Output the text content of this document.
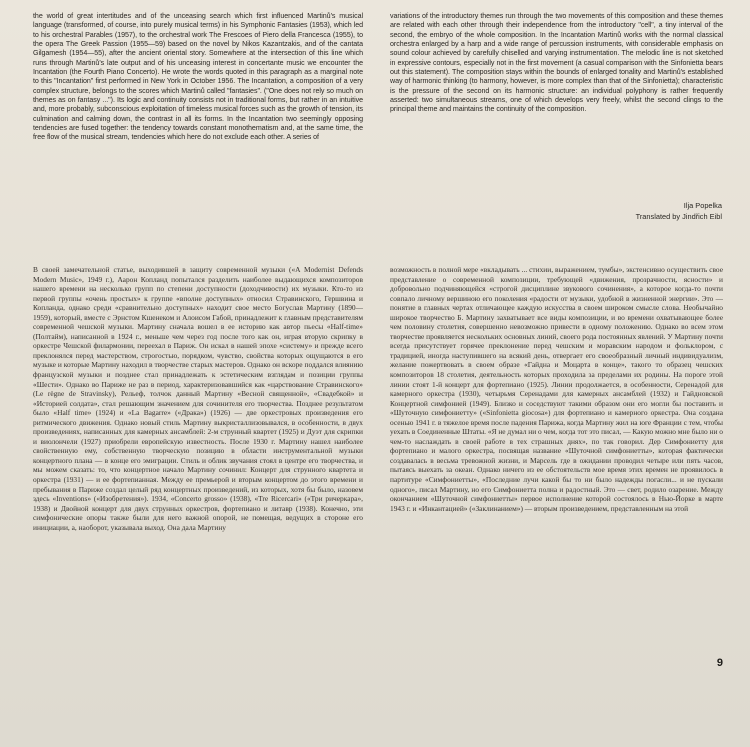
the world of great intertitudes and of the unceasing search which first influenced Martinů's musical language (transformed, of course, into purely musical terms) in his Symphonic Fantasies (1953), which led to his orchestral Parables (1957), to the orchestral work The Frescoes of Piero della Francesca (1955), to the opera The Greek Passion (1955—59) based on the novel by Nikos Kazantzakis, and of the cantata Gilgamesh (1954—55), after the ancient oriental story. Somewhere at the intersection of this line which runs through Martinů's late output and of his unceasing interest in concertante music we encounter the Incantation (the Fourth Piano Concerto). He wrote the words quoted in this paragraph as a marginal note to this "Incantation" first performed in New York in October 1956. The Incantation, a composition of a very complex structure, belongs to the scores which Martinů called "fantasies". ("One does not rely so much on themes as on fantasy ..."). Its logic and continuity consists not in traditional forms, but rather in an intuitive and, more probably, subconscious exploitation of timeless musical forces such as the growth of tension, its culmination and calming down, the contrast in all its forms. In the Incantation two seemingly opposing tendencies are fused together: the tendency towards constant monothematism and, at the same time, the free flow of the musical stream, tendencies which here do not exclude each other. A series of

variations of the introductory themes run through the two movements of this composition and these themes are related with each other through their independence from the introductory "cell", a tiny interval of the second, the embryo of the whole composition. In the Incantation Martinů works with the normal classical orchestra enlarged by a harp and a wide range of percussion instruments, with considerable emphasis on sound colour achieved by carefully chiselled and varying instrumentation. The melodic line is not sketched in expressive contours, especially not in the first movement (a casual comparison with the Sinfonietta bears out this statement). The composition stays within the bounds of enlarged tonality and Martinů's established way of harmonic thinking (to harmony, however, is more complex than that of the Sinfonietta); characteristic is the pressure of the second on its harmonic structure: an individual polyphony is rather frequently asserted: two simultaneous streams, one of which develops very freely, whilst the second clings to the principal theme and maintains the continuity of the composition.

Ilja Popelka
Translated by Jindřich Eibl

В своей замечательной статье, выходившей в защиту современной музыки («A Modernist Defends Modern Music», 1949 г.), Аарон Копланд попытался разделить наиболее выдающихся композиторов нашего времени на несколько групп по степени доступности (доходчивости) их музыки. Кто-то из первой группы «очень простых» к группе «вполне доступных» относил Стравинского, Гершвина и Копланда, однако среди «сравнительно доступных» находит свое место Богуслав Мартину (1890—1959), который, вместе с Эрнстом Кшенеком и Алоисом Габой, принадлежит к главным представителям современной чешской музыки. Мартину сначала вошел в ее историю как автор пьесы «Half-time» (Полтайм), написанной в 1924 г., меньше чем через год после того как он, играя вторую скрипку в оркестре Чешской филармонии, переехал в Париж. Он искал в нашей эпохе «систему» и прежде всего преклонялся перед мастерством, строгостью, порядком, чувство, свойства которых ощущаются в его музыке и которые Мартину находил в творчестве старых мастеров. Однако он вскоре поддался влиянию французской музыки и позднее стал принадлежать к эстетическим взглядам и позиции группы «Шести». Однако во Париже не раз в период, характеризовавшийся как «царствование Стравинского» (Le règne de Stravinsky), Рельеф, толчок данный Мартину «Весной священной», «Свадебкой» и «Историей солдата», стал решающим значением для сочинителя его творчества. Позднее результатом было «Half time» (1924) и «La Bagarre» («Драка») (1926) — две оркестровых произведения его ритмического движения. Однако новый стиль Мартину выкристаллизовывался, в особенности, в двух произведениях, написанных для камерных ансамблей: 2-м струнный квартет (1925) и Дуэт для скрипки и виолончели (1927) приобрели европейскую известность. После 1930 г. Мартину нашел наиболее свойственную ему, собственную творческую позицию в области инструментальной музыки концертного плана — в конце его эмиграции. Стиль и облик звучания стоял в центре его творчества, и мы можем сказать: то, что концертное начало Мартину сочинил: Концерт для струнного квартета и оркестра (1931) — и ее фортепианная. Между ее премьерой и вторым концертом до этого времени и пребывания в Париже создал целый ряд концертных произведений, из которых, хотя бы было, назовем здесь «Inventions» («Изобретения»). 1934, «Concerto grosso» (1938), «Tre Ricercari» («Три ричеркара», 1938) и Двойной концерт для двух струнных оркестров, фортепиано и литавр (1938). Конечно, эти симфонические опоры также были для него важной опорой, не помещая, ведущих в стороне его инициации, а, наоборот, указывала выход. Она дала Мартину

возможность в полной мере «вкладывать ... стихии, выражением, тумбы», экстенсивно осуществить свое представление о современной композиции, требующей «движения, прозрачности, ясности» и добровольно подчиняющейся «строгой дисциплине звукового сочинения», а которое когда-то почти совпало личному вершиною его поколения «радости от музыки, удобной в жизненной энергии». Это — понятие в главных чертах отличающее каждую искусства в своем широком смысле слова. Необычайно широкое творчество Б. Мартину захватывает все виды композиции, и во времени охватывающее более чем половину столетия, совершенно невозможно привести в одному положению. Однако во всем этом творчестве проявляется нескольких основных линий, своего рода постоянных явлений. У Мартину почти всегда присутствует горячее преклонение перед чешским и моравским народом и фольклором, с традицией, иногда наступившего на всякий день, отвергает его своеобразный личный индивидуализм, желание пожертвовать в своем образе «Гайдна и Моцарта в конце», такого то образец чешских композиторов 18 столетия, деятельность которых проходила за пределами их родины. На пороге этой линии стоят 1-й концерт для фортепиано (1925). Линии продолжается, в особенности, Серенадой для камерного оркестра (1930), четырьмя Серенадами для камерных ансамблей (1932) и Гайдновской Концертной симфонией (1949). Близко и соседствуют такими образом они его могли бы поставить и «Шуточную симфониетту» («Sinfonietta giocosa») для фортепиано и камерного оркестра. Она создана осенью 1941 г. в тяжелое время после падения Парижа, когда Мартину жил на юге Франции с тем, чтобы уехать в Соединенные Штаты. «Я не думал ни о чем, когда тот это писал, — Какую можно мне было ни о чем-то наслаждать в своей работе в тех страшных днях», по так говорил. Дер Симфониетту для фортепиано и малого оркестра, посвящая название «Шуточной симфониетты», которая фактически создавалась в весьма тревожной жизни, и Марсель где в ожидании проводил четыре или пять часов, пытаясь выехать за океан. Однако ничего из ее обстоятельств мое время этих времен не проявилось в партитуре «Симфониетты», «Последние лучи какой бы то ни было надежды погасли... и не пускали одного», писал Мартину, но его Симфониетта полна и радостный. Это — свет, родило озарение. Между окончанием «Шуточной симфониетты» первое исполнение которой состоялось в Нью-Йорке в марте 1943 г. и «Инкантацией» («Заклинанием») — вторым произведением, представленным на этой

9
